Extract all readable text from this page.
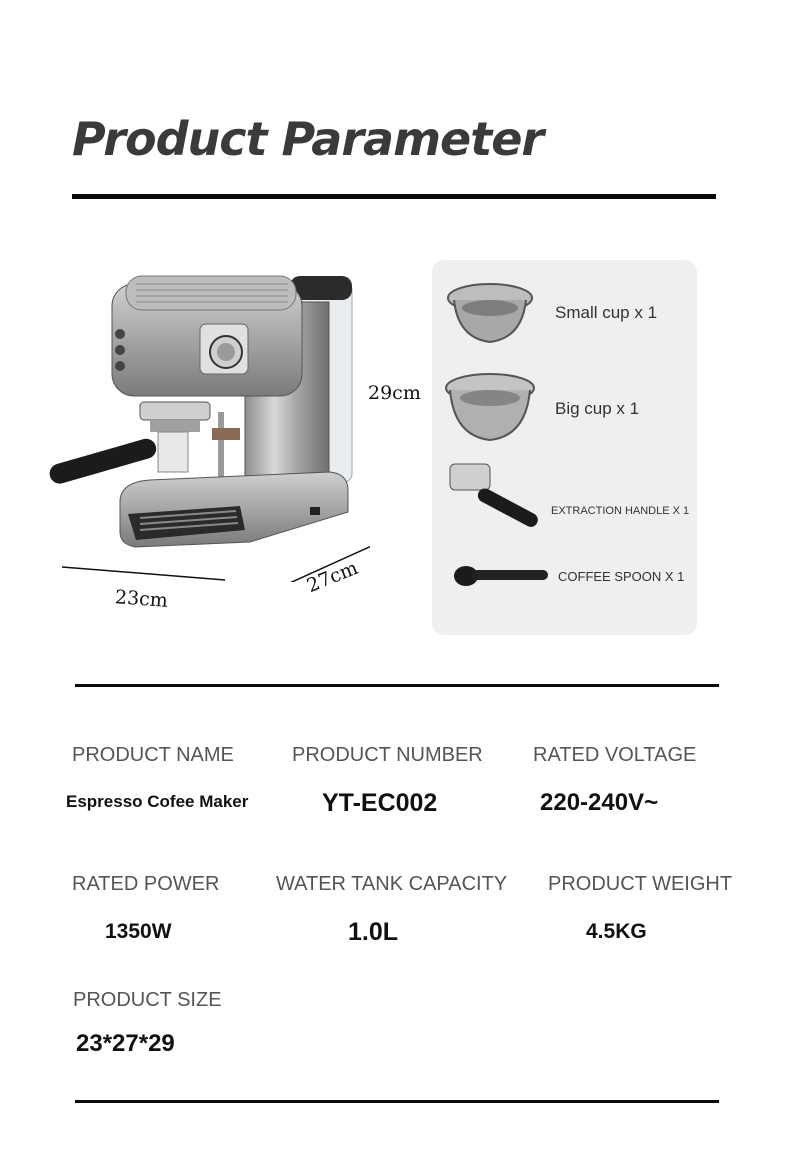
Product Parameter
29cm
23cm
27cm
Small cup x 1
Big cup x 1
EXTRACTION HANDLE X 1
COFFEE SPOON X 1
PRODUCT NAME
Espresso Cofee Maker
PRODUCT NUMBER
YT-EC002
RATED VOLTAGE
220-240V~
RATED POWER
1350W
WATER TANK CAPACITY
1.0L
PRODUCT WEIGHT
4.5KG
PRODUCT SIZE
23*27*29
